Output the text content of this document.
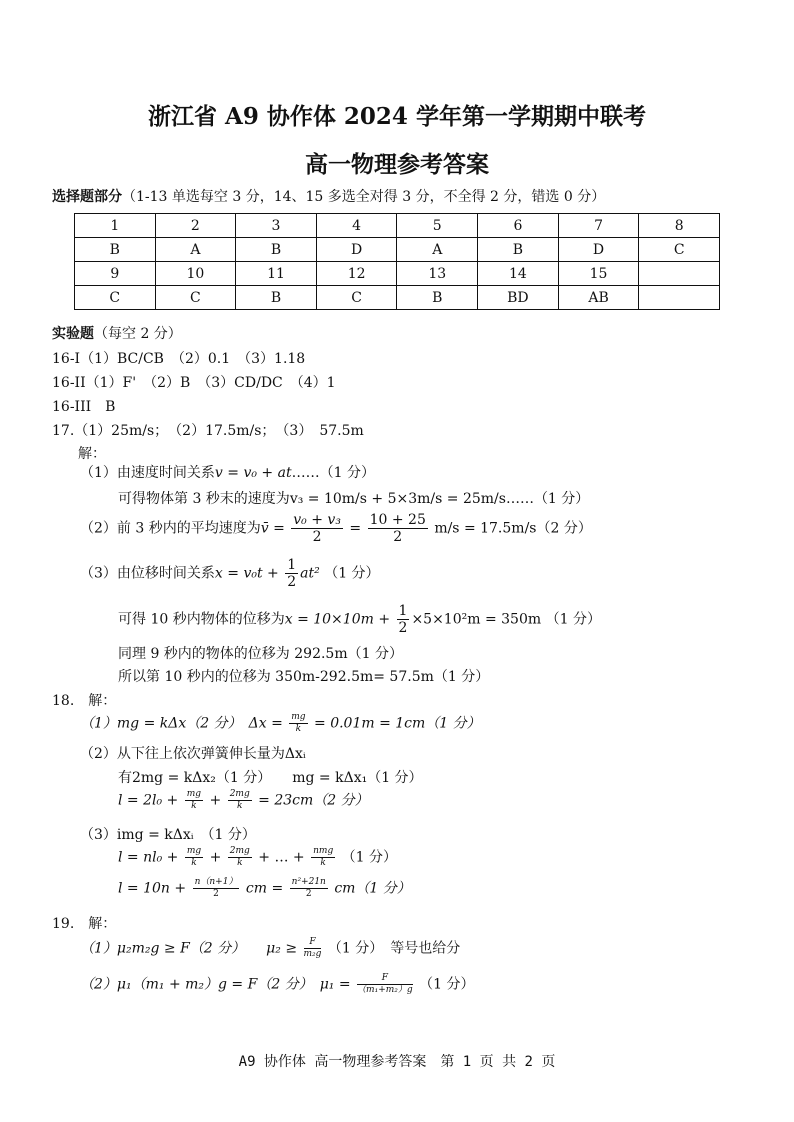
浙江省 A9 协作体 2024 学年第一学期期中联考
高一物理参考答案
选择题部分（1-13 单选每空 3 分，14、15 多选全对得 3 分，不全得 2 分，错选 0 分）
1	2	3	4	5	6	7	8
B	A	B	D	A	B	D	C
9	10	11	12	13	14	15	
C	C	B	C	B	BD	AB	
实验题（每空 2 分）
16-I（1）BC/CB　（2）0.1　（3）1.18
16-II（1）F'　（2）B　（3）CD/DC　（4）1
16-III　B
17.（1）25m/s；　（2）17.5m/s；　（3）　57.5m
解：
（1）由速度时间关系v = v₀ + at……（1 分）
可得物体第 3 秒末的速度为v₃ = 10m/s + 5×3m/s = 25m/s……（1 分）
（2）前 3 秒内的平均速度为v̄ = $\frac{\text{v₀ + v₃}}{2} = \frac{10 + 25}{2} m/s = 17.5m/s(2$ 分）
（3）由位移时间关系$x = v_0t + \frac{1}{2} at^2$ （1 分）
可得 10 秒内物体的位移为$x = 10\times 10m + \frac{1}{2} \times 5\times 10^2m = 350m$ （1 分）
同理 9 秒内的物体的位移为 292.5m（1 分）
所以第 10 秒内的位移为 350m-292.5m= 57.5m（1 分）
18.　解：
（1）mg = kΔx（2 分）　$\Delta x = \frac{mg}{k} = 0.01m = 1cm(1$ 分）
（2）从下往上依次弹簧伸长量为Δxᵢ
有2mg = kΔx₂（1 分）　　mg = kΔx₁（1 分）
$l = 2l_0 + \frac{mg}{k} + \frac{2mg}{k} = 23cm(2$ 分）
（3）img = kΔxᵢ　（1 分）
$l = nl_0 + \frac{mg}{k} + \frac{2mg}{k}$ + … + $\frac{\text{nmg}}{k} (1$ 分）
$l = 10n + \frac{n(n+1)}{2}$ cm = $\frac{\text{n²+21n}}{2} cm(1$ 分）
19.　解：
（1）μ₂m₂g ≥ F（2 分）　　$\mu_2 \ge \frac{F}{\text{m₂g}} (1$ 分）　等号也给分
（2）μ₁（m₁ + m₂）g = F（2 分）　$\mu_1 = \frac{F}{\text{（m₁+m₂）g}} (1$ 分）
A9 协作体 高一物理参考答案　第 1 页 共 2 页
